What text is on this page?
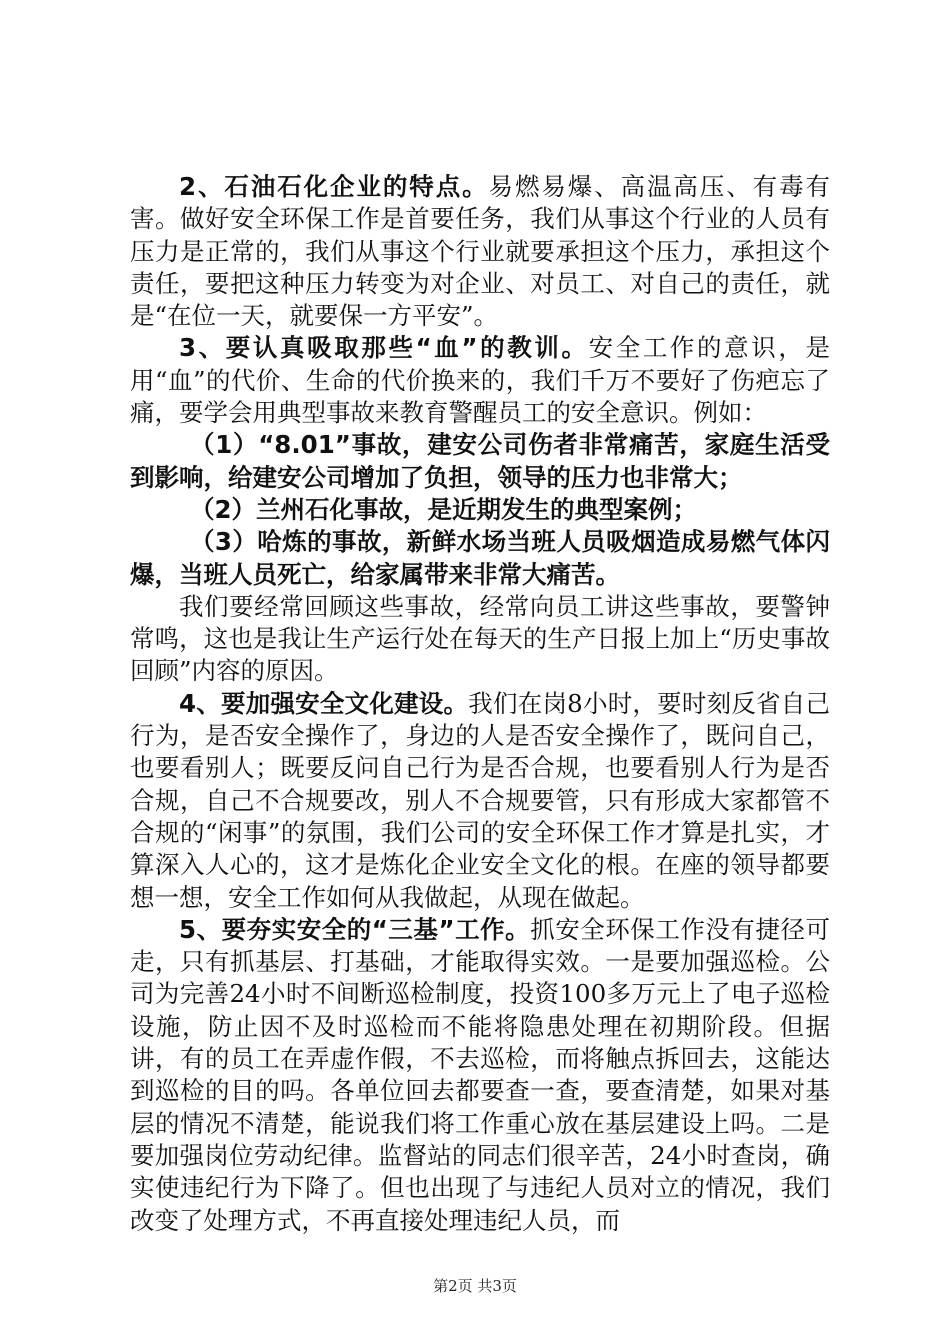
2、石油石化企业的特点。易燃易爆、高温高压、有毒有害。做好安全环保工作是首要任务，我们从事这个行业的人员有压力是正常的，我们从事这个行业就要承担这个压力，承担这个责任，要把这种压力转变为对企业、对员工、对自己的责任，就是“在位一天，就要保一方平安”。

3、要认真吸取那些“血”的教训。安全工作的意识，是用“血”的代价、生命的代价换来的，我们千万不要好了伤疤忘了痛，要学会用典型事故来教育警醒员工的安全意识。例如：

（1）“8.01”事故，建安公司伤者非常痛苦，家庭生活受到影响，给建安公司增加了负担，领导的压力也非常大；

（2）兰州石化事故，是近期发生的典型案例；

（3）哈炼的事故，新鲜水场当班人员吸烟造成易燃气体闪爆，当班人员死亡，给家属带来非常大痛苦。

我们要经常回顾这些事故，经常向员工讲这些事故，要警钟常鸣，这也是我让生产运行处在每天的生产日报上加上“历史事故回顾”内容的原因。

4、要加强安全文化建设。我们在岗8小时，要时刻反省自己行为，是否安全操作了，身边的人是否安全操作了，既问自己，也要看别人；既要反问自己行为是否合规，也要看别人行为是否合规，自己不合规要改，别人不合规要管，只有形成大家都管不合规的“闲事”的氛围，我们公司的安全环保工作才算是扎实，才算深入人心的，这才是炼化企业安全文化的根。在座的领导都要想一想，安全工作如何从我做起，从现在做起。

5、要夯实安全的“三基”工作。抓安全环保工作没有捷径可走，只有抓基层、打基础，才能取得实效。一是要加强巡检。公司为完善24小时不间断巡检制度，投资100多万元上了电子巡检设施，防止因不及时巡检而不能将隐患处理在初期阶段。但据讲，有的员工在弄虚作假，不去巡检，而将触点拆回去，这能达到巡检的目的吗。各单位回去都要查一查，要查清楚，如果对基层的情况不清楚，能说我们将工作重心放在基层建设上吗。二是要加强岗位劳动纪律。监督站的同志们很辛苦，24小时查岗，确实使违纪行为下降了。但也出现了与违纪人员对立的情况，我们改变了处理方式，不再直接处理违纪人员，而

第2页 共3页
